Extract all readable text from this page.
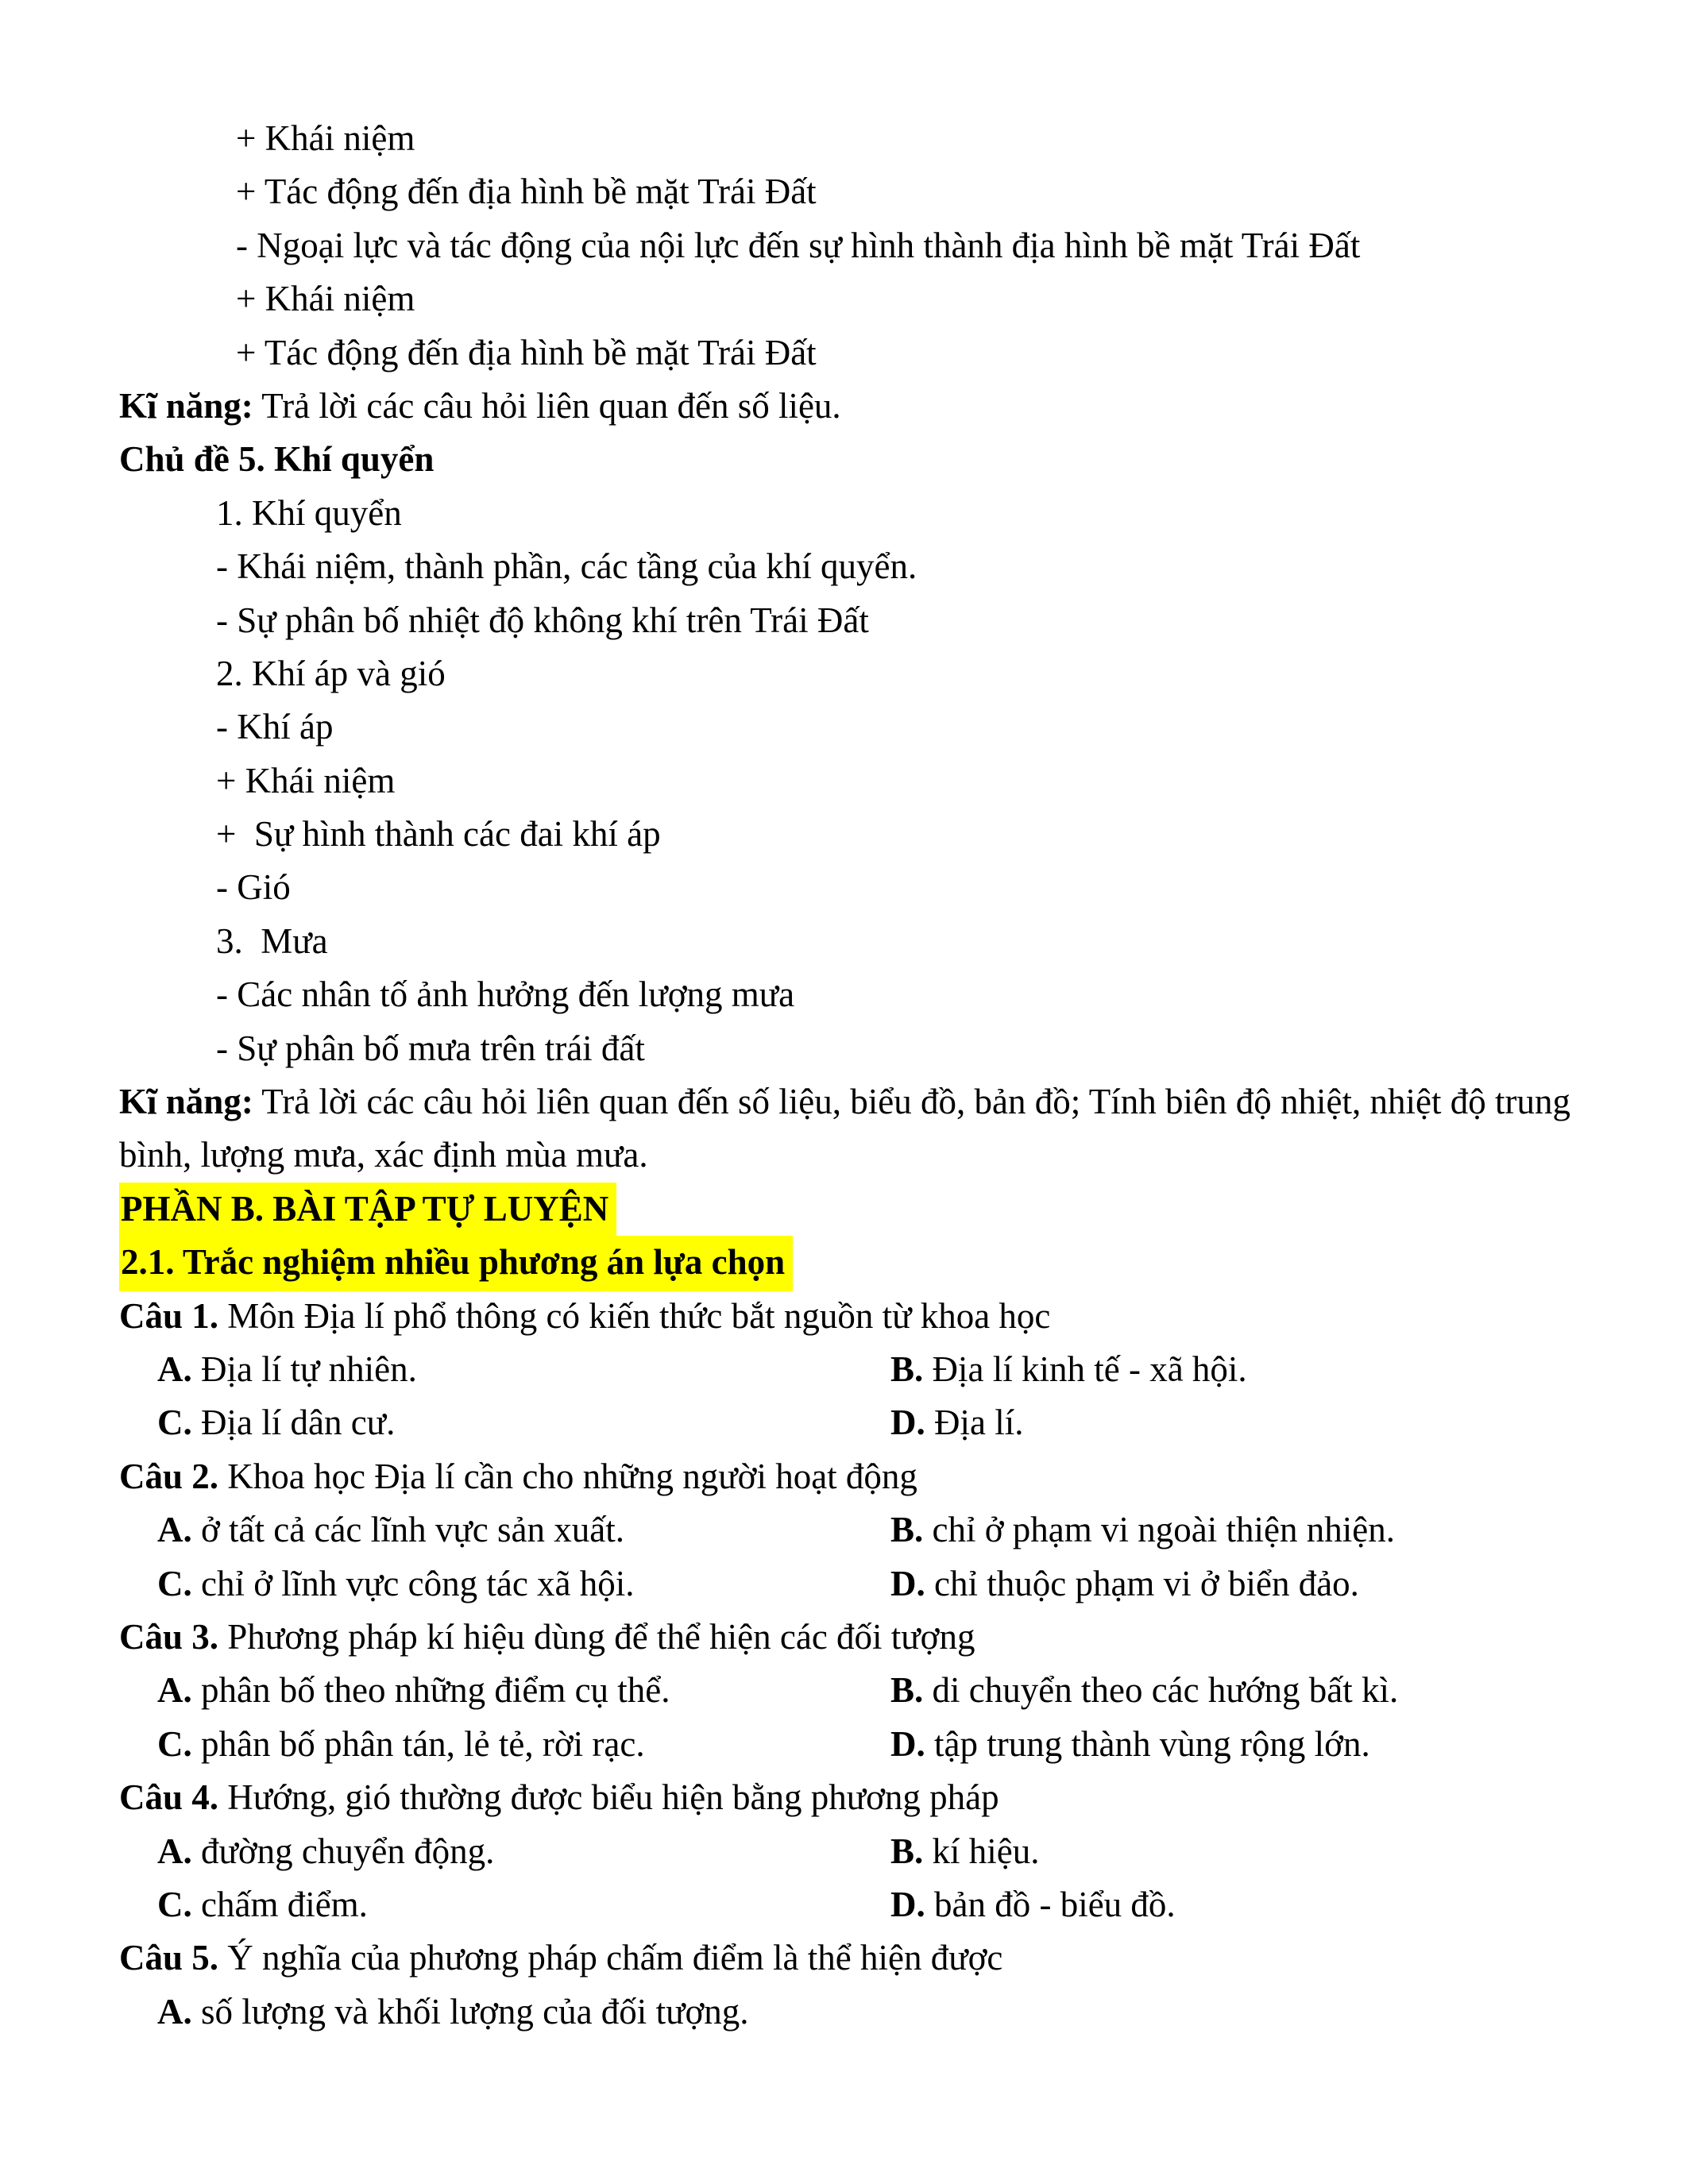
+ Khái niệm
+ Tác động đến địa hình bề mặt Trái Đất
- Ngoại lực và tác động của nội lực đến sự hình thành địa hình bề mặt Trái Đất
+ Khái niệm
+ Tác động đến địa hình bề mặt Trái Đất
Kĩ năng: Trả lời các câu hỏi liên quan đến số liệu.
Chủ đề 5. Khí quyển
1. Khí quyển
- Khái niệm, thành phần, các tầng của khí quyển.
- Sự phân bố nhiệt độ không khí trên Trái Đất
2. Khí áp và gió
- Khí áp
+ Khái niệm
+  Sự hình thành các đai khí áp
- Gió
3.  Mưa
- Các nhân tố ảnh hưởng đến lượng mưa
- Sự phân bố mưa trên trái đất
Kĩ năng: Trả lời các câu hỏi liên quan đến số liệu, biểu đồ, bản đồ; Tính biên độ nhiệt, nhiệt độ trung bình, lượng mưa, xác định mùa mưa.
PHẦN B. BÀI TẬP TỰ LUYỆN
2.1. Trắc nghiệm nhiều phương án lựa chọn
Câu 1. Môn Địa lí phổ thông có kiến thức bắt nguồn từ khoa học
A. Địa lí tự nhiên.	B. Địa lí kinh tế - xã hội.
C. Địa lí dân cư.	D. Địa lí.
Câu 2. Khoa học Địa lí cần cho những người hoạt động
A. ở tất cả các lĩnh vực sản xuất.	B. chỉ ở phạm vi ngoài thiện nhiện.
C. chỉ ở lĩnh vực công tác xã hội.	D. chỉ thuộc phạm vi ở biển đảo.
Câu 3. Phương pháp kí hiệu dùng để thể hiện các đối tượng
A. phân bố theo những điểm cụ thể.	B. di chuyển theo các hướng bất kì.
C. phân bố phân tán, lẻ tẻ, rời rạc.	D. tập trung thành vùng rộng lớn.
Câu 4. Hướng, gió thường được biểu hiện bằng phương pháp
A. đường chuyển động.	B. kí hiệu.
C. chấm điểm.	D. bản đồ - biểu đồ.
Câu 5. Ý nghĩa của phương pháp chấm điểm là thể hiện được
A. số lượng và khối lượng của đối tượng.
